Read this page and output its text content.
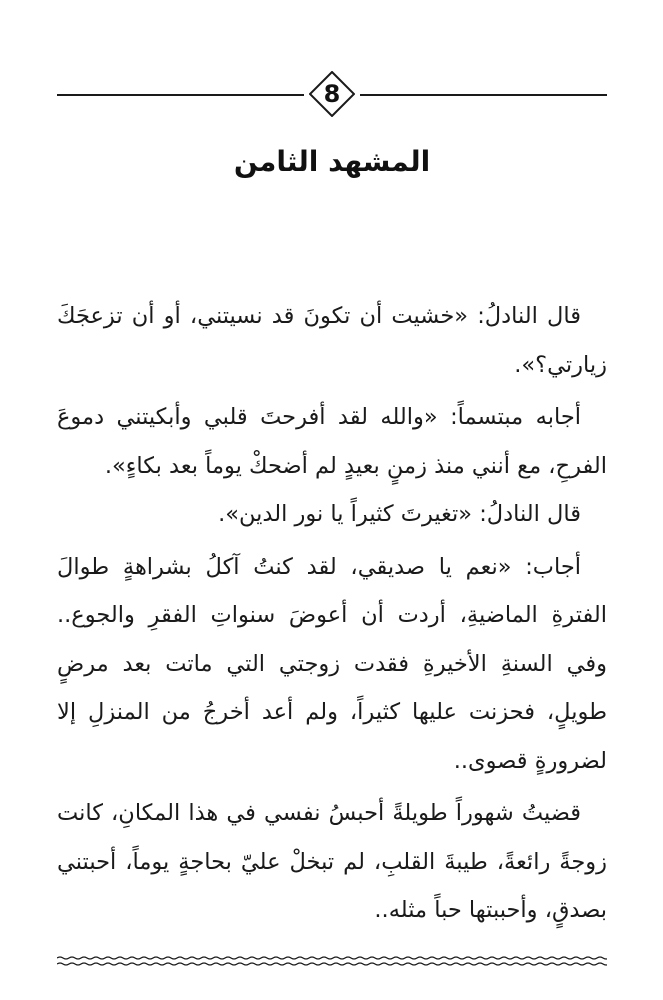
8
المشهد الثامن

قال النادلُ: «خشيت أن تكونَ قد نسيتني، أو أن تزعجَكَ زيارتي؟».

أجابه مبتسماً: «والله لقد أفرحتَ قلبي وأبكيتني دموعَ الفرحِ، مع أنني منذ زمنٍ بعيدٍ لم أضحكْ يوماً بعد بكاءٍ».

قال النادلُ: «تغيرتَ كثيراً يا نور الدين».

أجاب: «نعم يا صديقي، لقد كنتُ آكلُ بشراهةٍ طوالَ الفترةِ الماضيةِ، أردت أن أعوضَ سنواتِ الفقرِ والجوع.. وفي السنةِ الأخيرةِ فقدت زوجتي التي ماتت بعد مرضٍ طويلٍ، فحزنت عليها كثيراً، ولم أعد أخرجُ من المنزلِ إلا لضرورةٍ قصوى..

قضيتُ شهوراً طويلةً أحبسُ نفسي في هذا المكانِ، كانت زوجةً رائعةً، طيبةَ القلبِ، لم تبخلْ عليّ بحاجةٍ يوماً، أحبتني بصدقٍ، وأحببتها حباً مثله..
